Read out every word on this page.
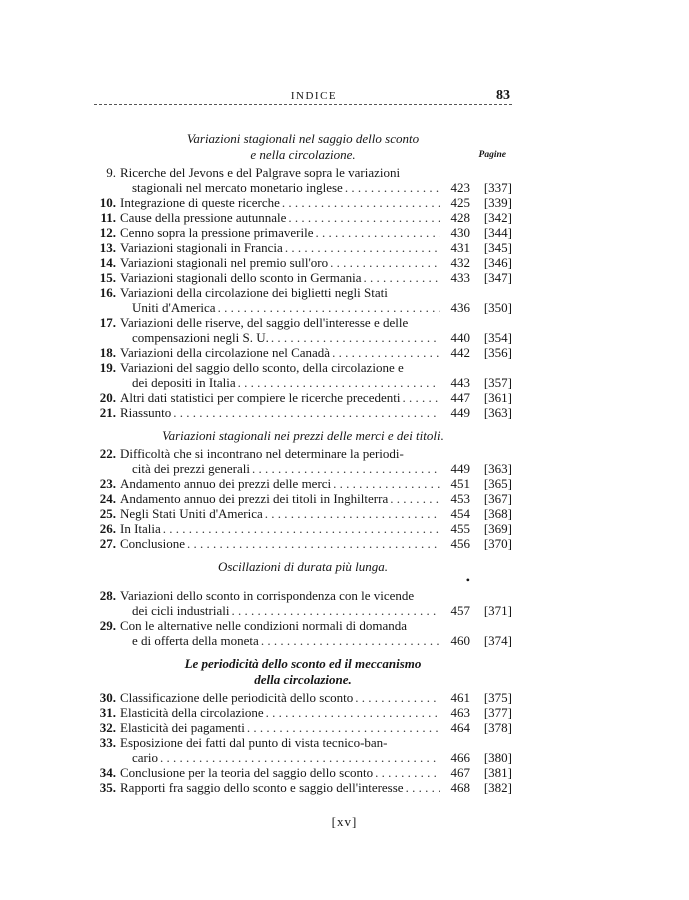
INDICE	83
Variazioni stagionali nel saggio dello sconto
e nella circolazione.	Pagine
9. Ricerche del Jevons e del Palgrave sopra le variazioni
stagionali nel mercato monetario inglese . . .	423	[337]
10. Integrazione di queste ricerche . . .	425	[339]
11. Cause della pressione autunnale . . .	428	[342]
12. Cenno sopra la pressione primaverile . . .	430	[344]
13. Variazioni stagionali in Francia . . .	431	[345]
14. Variazioni stagionali nel premio sull'oro . . .	432	[346]
15. Variazioni stagionali dello sconto in Germania . . .	433	[347]
16. Variazioni della circolazione dei biglietti negli Stati
Uniti d'America . . .	436	[350]
17. Variazioni delle riserve, del saggio dell'interesse e delle
compensazioni negli S. U. . . .	440	[354]
18. Variazioni della circolazione nel Canadà . . .	442	[356]
19. Variazioni del saggio dello sconto, della circolazione e
dei depositi in Italia . . .	443	[357]
20. Altri dati statistici per compiere le ricerche precedenti . . .	447	[361]
21. Riassunto . . .	449	[363]
Variazioni stagionali nei prezzi delle merci e dei titoli.
22. Difficoltà che si incontrano nel determinare la periodi-
cità dei prezzi generali . . .	449	[363]
23. Andamento annuo dei prezzi delle merci . . .	451	[365]
24. Andamento annuo dei prezzi dei titoli in Inghilterra . . .	453	[367]
25. Negli Stati Uniti d'America . . .	454	[368]
26. In Italia . . .	455	[369]
27. Conclusione . . .	456	[370]
Oscillazioni di durata più lunga.
•
28. Variazioni dello sconto in corrispondenza con le vicende
dei cicli industriali . . .	457	[371]
29. Con le alternative nelle condizioni normali di domanda
e di offerta della moneta . . .	460	[374]
Le periodicità dello sconto ed il meccanismo
della circolazione.
30. Classificazione delle periodicità dello sconto . . .	461	[375]
31. Elasticità della circolazione . . .	463	[377]
32. Elasticità dei pagamenti . . .	464	[378]
33. Esposizione dei fatti dal punto di vista tecnico-ban-
cario . . .	466	[380]
34. Conclusione per la teoria del saggio dello sconto . . .	467	[381]
35. Rapporti fra saggio dello sconto e saggio dell'interesse . . .	468	[382]
[xv]
